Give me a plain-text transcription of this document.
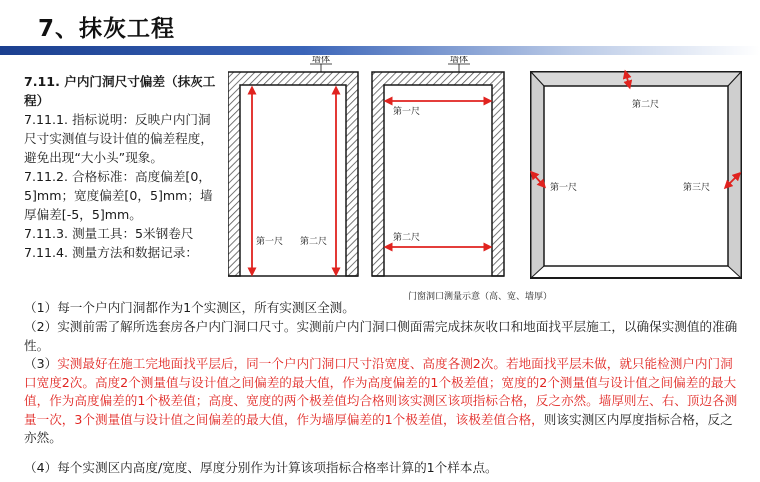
7、抹灰工程
7.11. 户内门洞尺寸偏差（抹灰工程）
7.11.1. 指标说明：反映户内门洞尺寸实测值与设计值的偏差程度，避免出现“大小头”现象。
7.11.2. 合格标准：高度偏差[0，5]mm；宽度偏差[0，5]mm；墙厚偏差[-5，5]mm。
7.11.3. 测量工具：5米钢卷尺
7.11.4. 测量方法和数据记录：
墙体
第一尺 第二尺
墙体
第一尺
第二尺
第二尺
第一尺	第三尺
门窗洞口测量示意（高、宽、墙厚）
（1）每一个户内门洞都作为1个实测区，所有实测区全测。
（2）实测前需了解所选套房各户内门洞口尺寸。实测前户内门洞口侧面需完成抹灰收口和地面找平层施工，以确保实测值的准确性。
（3）实测最好在施工完地面找平层后，同一个户内门洞口尺寸沿宽度、高度各测2次。若地面找平层未做，就只能检测户内门洞口宽度2次。高度2个测量值与设计值之间偏差的最大值，作为高度偏差的1个极差值；宽度的2个测量值与设计值之间偏差的最大值，作为高度偏差的1个极差值；高度、宽度的两个极差值均合格则该实测区该项指标合格，反之亦然。墙厚则左、右、顶边各测量一次，3个测量值与设计值之间偏差的最大值，作为墙厚偏差的1个极差值，该极差值合格，则该实测区内厚度指标合格，反之亦然。
（4）每个实测区内高度/宽度、厚度分别作为计算该项指标合格率计算的1个样本点。
